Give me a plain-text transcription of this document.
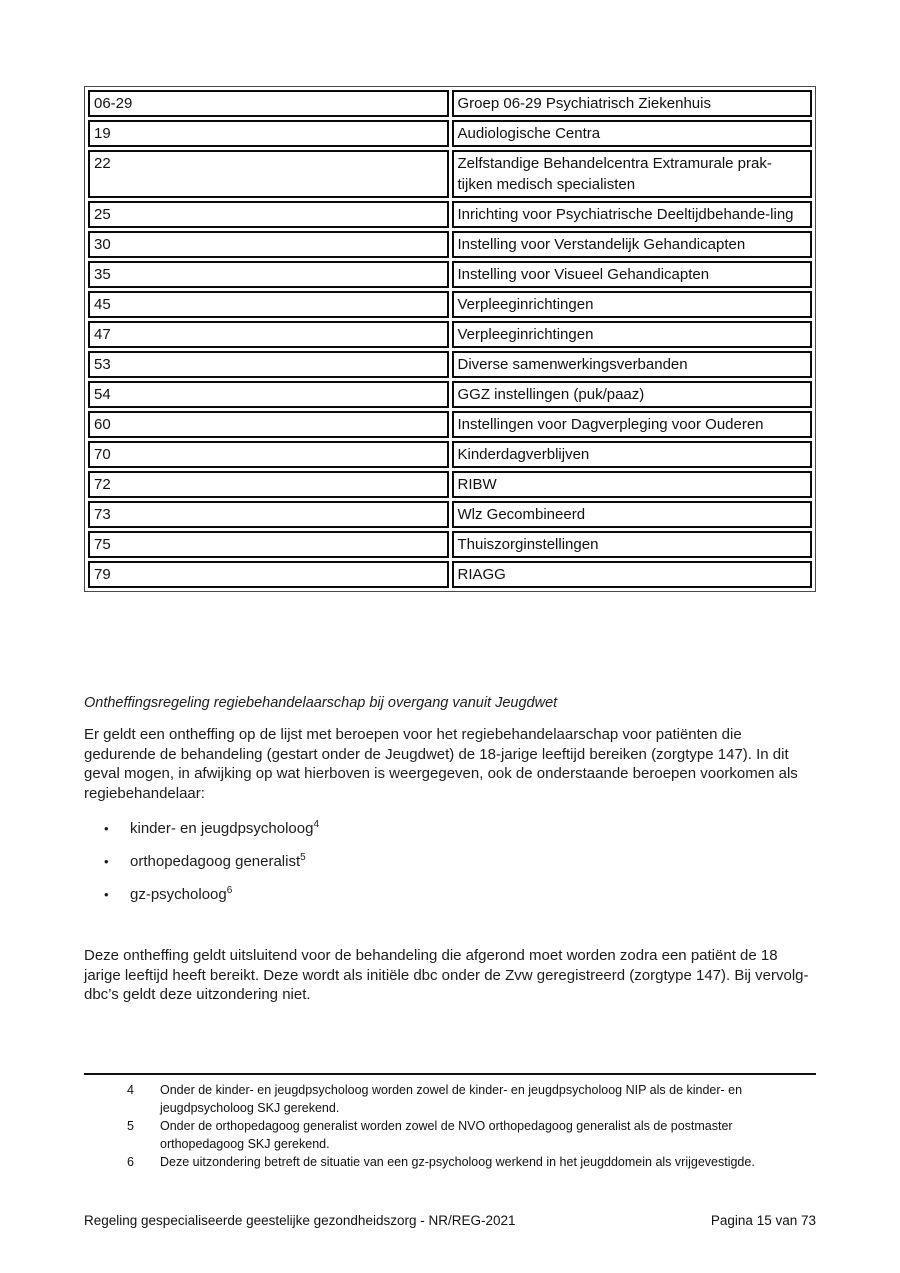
06-29	Groep 06-29 Psychiatrisch Ziekenhuis
19	Audiologische Centra
22	Zelfstandige Behandelcentra Extramurale prak-tijken medisch specialisten
25	Inrichting voor Psychiatrische Deeltijdbehande-ling
30	Instelling voor Verstandelijk Gehandicapten
35	Instelling voor Visueel Gehandicapten
45	Verpleeginrichtingen
47	Verpleeginrichtingen
53	Diverse samenwerkingsverbanden
54	GGZ instellingen (puk/paaz)
60	Instellingen voor Dagverpleging voor Ouderen
70	Kinderdagverblijven
72	RIBW
73	Wlz Gecombineerd
75	Thuiszorginstellingen
79	RIAGG
Ontheffingsregeling regiebehandelaarschap bij overgang vanuit Jeugdwet

Er geldt een ontheffing op de lijst met beroepen voor het regiebehandelaarschap voor patiënten die gedurende de behandeling (gestart onder de Jeugdwet) de 18-jarige leeftijd bereiken (zorgtype 147). In dit geval mogen, in afwijking op wat hierboven is weergegeven, ook de onderstaande beroepen voorkomen als regiebehandelaar:

• kinder- en jeugdpsycholoog$^4$
• orthopedagoog generalist$^5$
• gz-psycholoog$^6$

Deze ontheffing geldt uitsluitend voor de behandeling die afgerond moet worden zodra een patiënt de 18 jarige leeftijd heeft bereikt. Deze wordt als initiële dbc onder de Zvw geregistreerd (zorgtype 147). Bij vervolg-dbc’s geldt deze uitzondering niet.

4	Onder de kinder- en jeugdpsycholoog worden zowel de kinder- en jeugdpsycholoog NIP als de kinder- en jeugdpsycholoog SKJ gerekend.
5	Onder de orthopedagoog generalist worden zowel de NVO orthopedagoog generalist als de postmaster orthopedagoog SKJ gerekend.
6	Deze uitzondering betreft de situatie van een gz-psycholoog werkend in het jeugddomein als vrijgevestigde.
Regeling gespecialiseerde geestelijke gezondheidszorg - NR/REG-2021	Pagina 15 van 73
